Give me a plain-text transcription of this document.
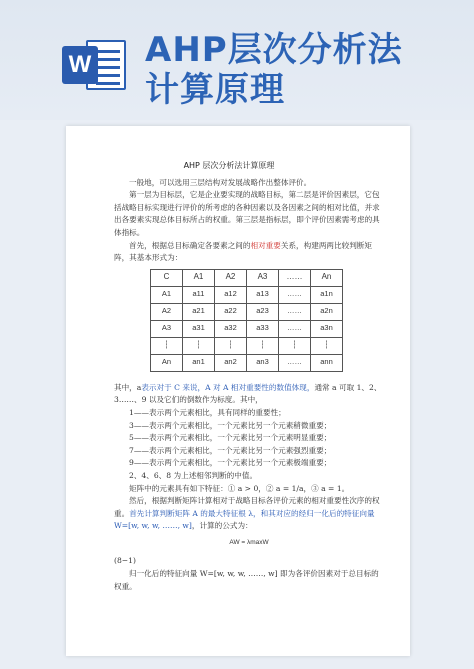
W AHP层次分析法
计算原理
AHP 层次分析法计算原理

一般地，可以选用三层结构对发展战略作出整体评价。

第一层为目标层，它是企业要实现的战略目标，第二层是评价因素层，它包括战略目标实现进行评价的所考虑的各种因素以及各因素之间的相对比值，并求出各要素实现总体目标所占的权重。第三层是指标层，即个评价因素需考虑的具体指标。

首先，根据总目标确定各要素之间的相对重要关系，构建两两比较判断矩阵，其基本形式为：

C	A1	A2	A3	……	An
A1	a11	a12	a13	……	a1n
A2	a21	a22	a23	……	a2n
A3	a31	a32	a33	……	a3n
┆	┆	┆	┆	┆	┆
An	an1	an2	an3	……	ann

其中，a表示对于 C 来说，A 对 A 相对重要性的数值体现，通常 a 可取 1、2、3……、9 以及它们的倒数作为标度。其中，

1——表示两个元素相比，具有同样的重要性；

3——表示两个元素相比，一个元素比另一个元素稍微重要；

5——表示两个元素相比，一个元素比另一个元素明显重要；

7——表示两个元素相比，一个元素比另一个元素强烈重要；

9——表示两个元素相比，一个元素比另一个元素极端重要；

2、4、6、8 为上述相邻判断的中值。

矩阵中的元素具有如下特征：① a > 0，② a = 1/a，③ a = 1。

然后，根据判断矩阵计算相对于战略目标各评价元素的相对重要性次序的权重。首先计算判断矩阵 A 的最大特征根 λ，和其对应的经归一化后的特征向量 W=[w, w, w, ……, w]，计算的公式为：

AW = λmaxW

(8−1)

归一化后的特征向量 W=[w, w, w, ……, w] 即为各评价因素对于总目标的权重。
